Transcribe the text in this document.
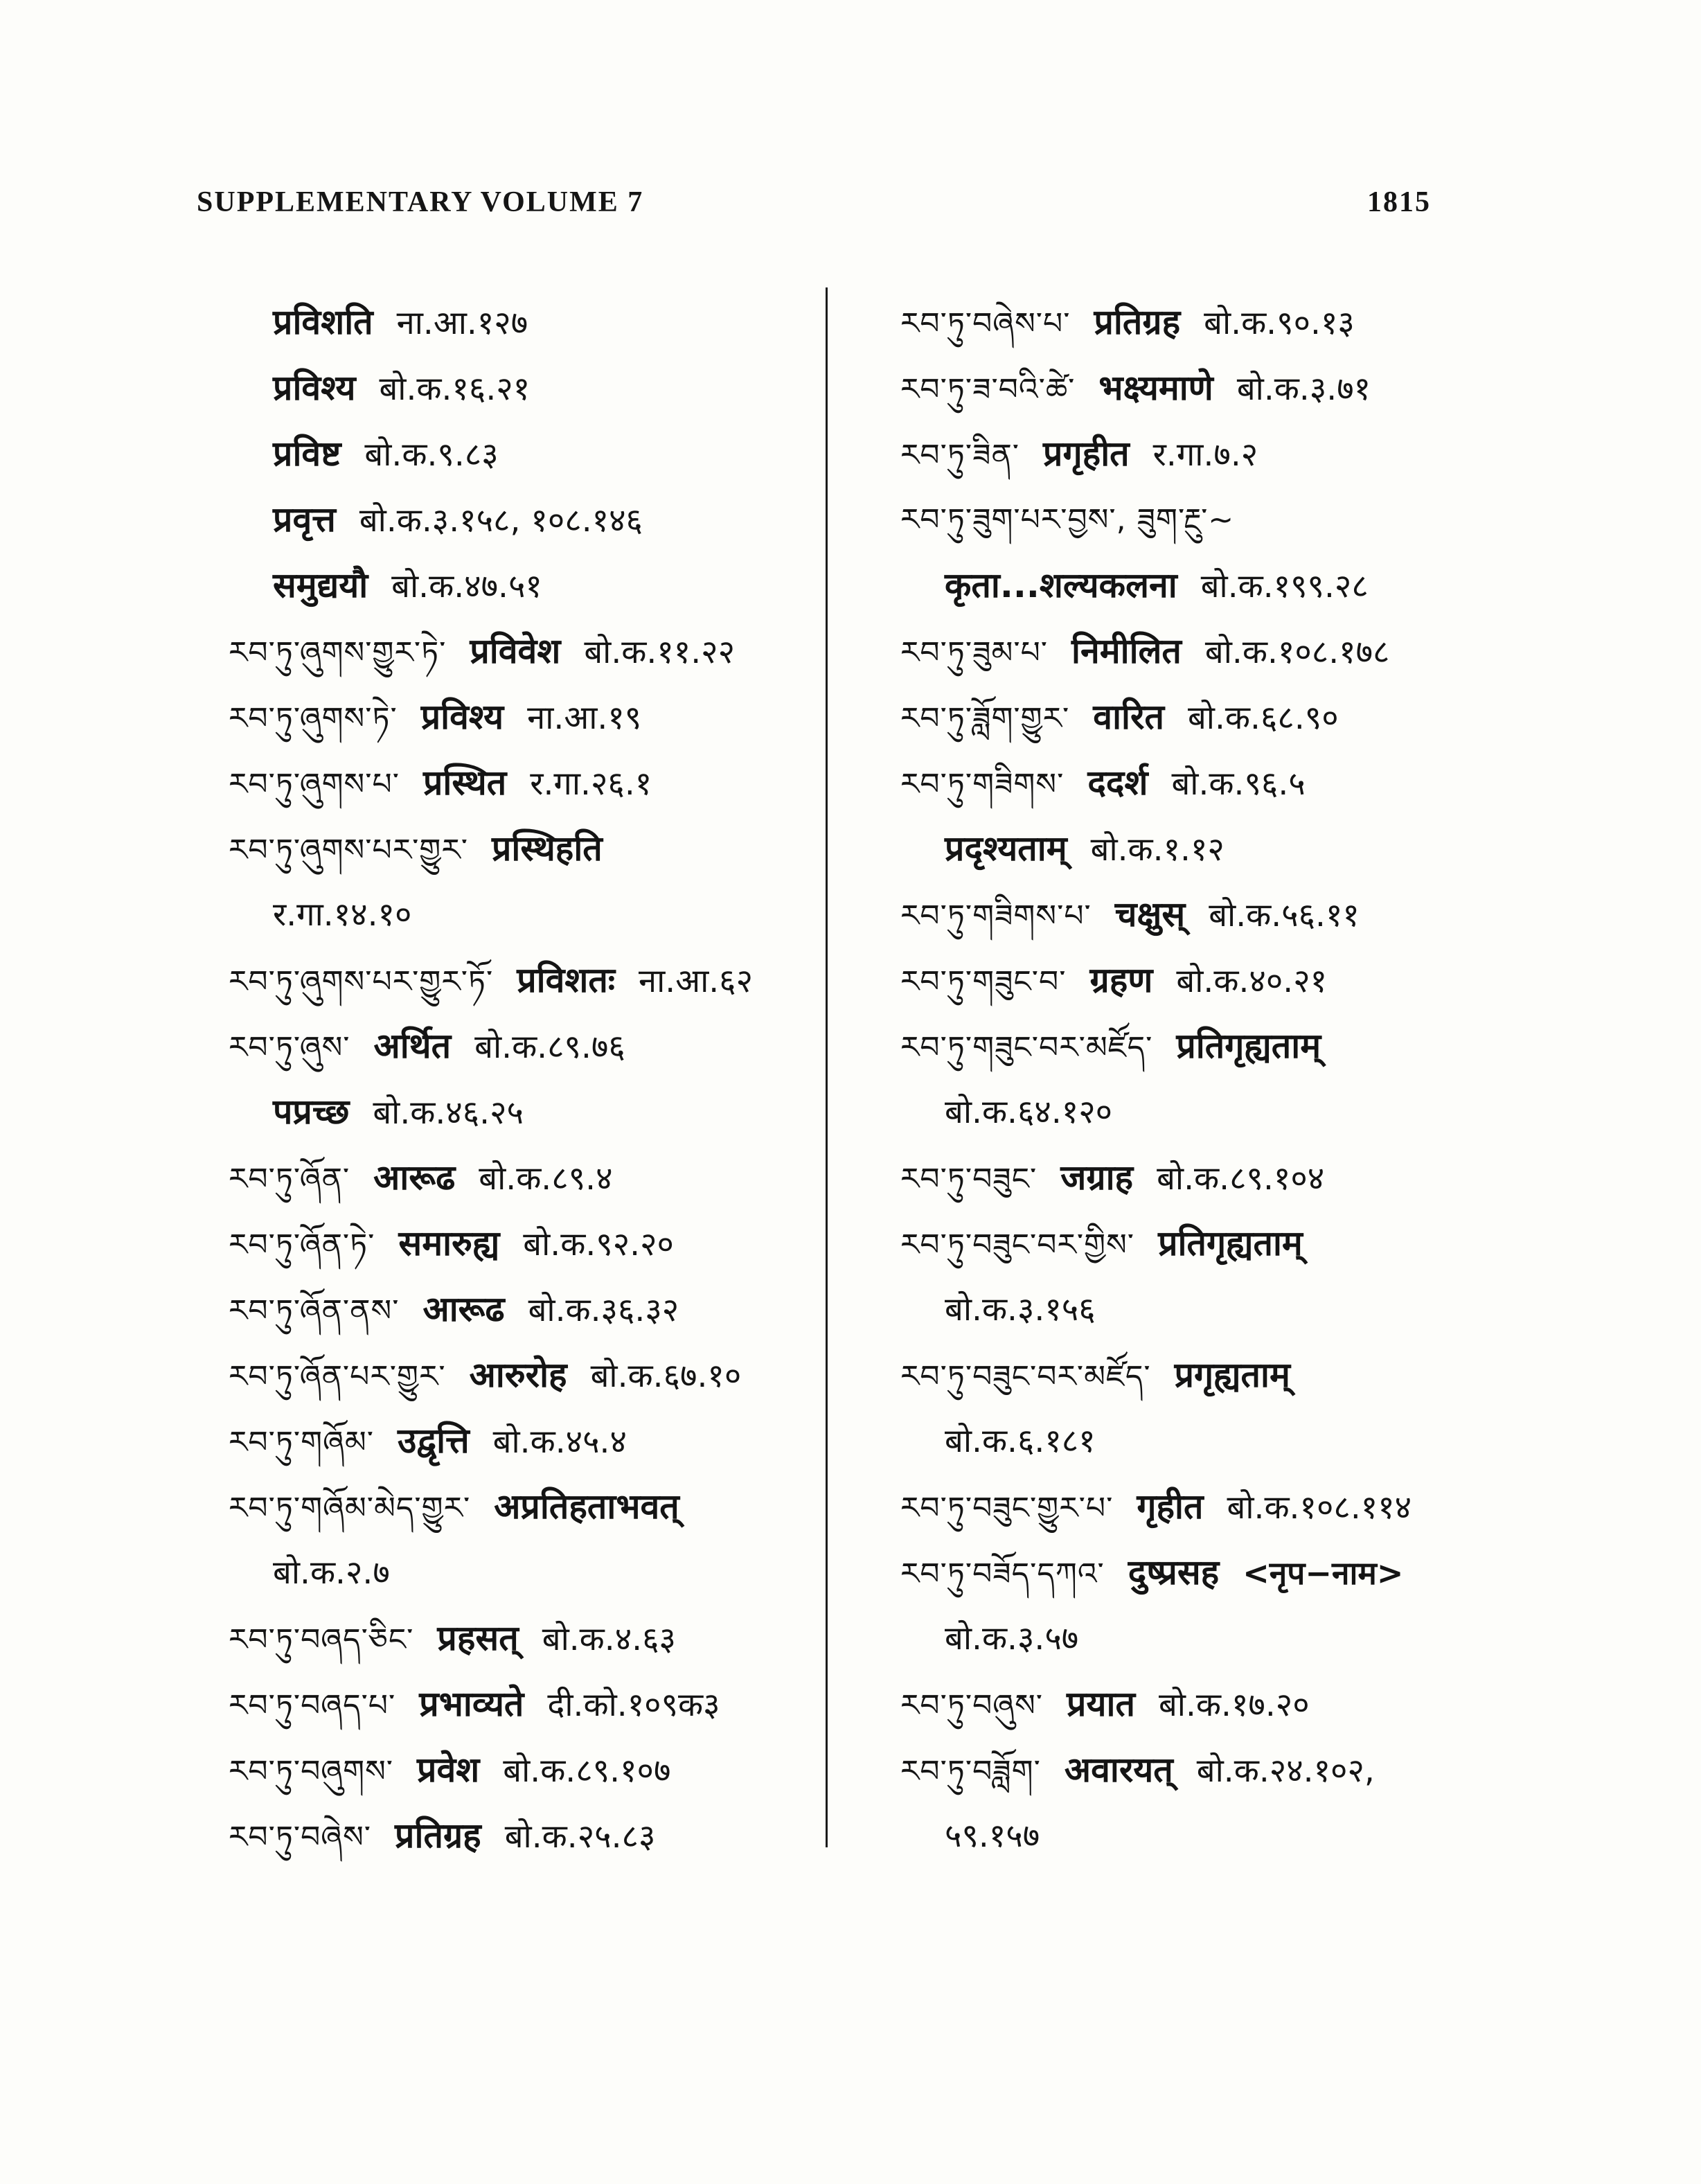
SUPPLEMENTARY VOLUME 7	1815
प्रविशति ना.आ.१२७
प्रविश्य बो.क.१६.२१
प्रविष्ट बो.क.९.८३
प्रवृत्त बो.क.३.१५८, १०८.१४६
समुद्ययौ बो.क.४७.५१
རབ་ཏུ་ཞུགས་གྱུར་ཏེ་ प्रविवेश बो.क.११.२२
རབ་ཏུ་ཞུགས་ཏེ་ प्रविश्य ना.आ.१९
རབ་ཏུ་ཞུགས་པ་ प्रस्थित र.गा.२६.१
རབ་ཏུ་ཞུགས་པར་གྱུར་ प्रस्थिहति
र.गा.१४.१०
རབ་ཏུ་ཞུགས་པར་གྱུར་ཏོ་ प्रविशतः ना.आ.६२
རབ་ཏུ་ཞུས་ अर्थित बो.क.८९.७६
पप्रच्छ बो.क.४६.२५
རབ་ཏུ་ཞོན་ आरूढ बो.क.८९.४
རབ་ཏུ་ཞོན་ཏེ་ समारुह्य बो.क.९२.२०
རབ་ཏུ་ཞོན་ནས་ आरूढ बो.क.३६.३२
རབ་ཏུ་ཞོན་པར་གྱུར་ आरुरोह बो.क.६७.१०
རབ་ཏུ་གཞོམ་ उद्वृत्ति बो.क.४५.४
རབ་ཏུ་གཞོམ་མེད་གྱུར་ अप्रतिहताभवत्
बो.क.२.७
རབ་ཏུ་བཞད་ཅིང་ प्रहसत् बो.क.४.६३
རབ་ཏུ་བཞད་པ་ प्रभाव्यते दी.को.१०९क३
རབ་ཏུ་བཞུགས་ प्रवेश बो.क.८९.१०७
རབ་ཏུ་བཞེས་ प्रतिग्रह बो.क.२५.८३
རབ་ཏུ་བཞེས་པ་ प्रतिग्रह बो.क.९०.१३
རབ་ཏུ་ཟ་བའི་ཚེ་ भक्ष्यमाणे बो.क.३.७१
རབ་ཏུ་ཟིན་ प्रगृहीत र.गा.७.२
རབ་ཏུ་ཟུག་པར་བྱས་, ཟུག་རྔུ་~
कृता...शल्यकलना बो.क.१९९.२८
རབ་ཏུ་ཟུམ་པ་ निमीलित बो.क.१०८.१७८
རབ་ཏུ་ཟློག་གྱུར་ वारित बो.क.६८.९०
རབ་ཏུ་གཟིགས་ ददर्श बो.क.९६.५
प्रदृश्यताम् बो.क.१.१२
རབ་ཏུ་གཟིགས་པ་ चक्षुस् बो.क.५६.११
རབ་ཏུ་གཟུང་བ་ ग्रहण बो.क.४०.२१
རབ་ཏུ་གཟུང་བར་མཛོད་ प्रतिगृह्यताम्
बो.क.६४.१२०
རབ་ཏུ་བཟུང་ जग्राह बो.क.८९.१०४
རབ་ཏུ་བཟུང་བར་གྱིས་ प्रतिगृह्यताम्
बो.क.३.१५६
རབ་ཏུ་བཟུང་བར་མཛོད་ प्रगृह्यताम्
बो.क.६.१८१
རབ་ཏུ་བཟུང་གྱུར་པ་ गृहीत बो.क.१०८.११४
རབ་ཏུ་བཟོད་དཀའ་ दुष्प्रसह <नृप−नाम>
बो.क.३.५७
རབ་ཏུ་བཞུས་ प्रयात बो.क.१७.२०
རབ་ཏུ་བཟློག་ अवारयत् बो.क.२४.१०२,
५९.१५७
